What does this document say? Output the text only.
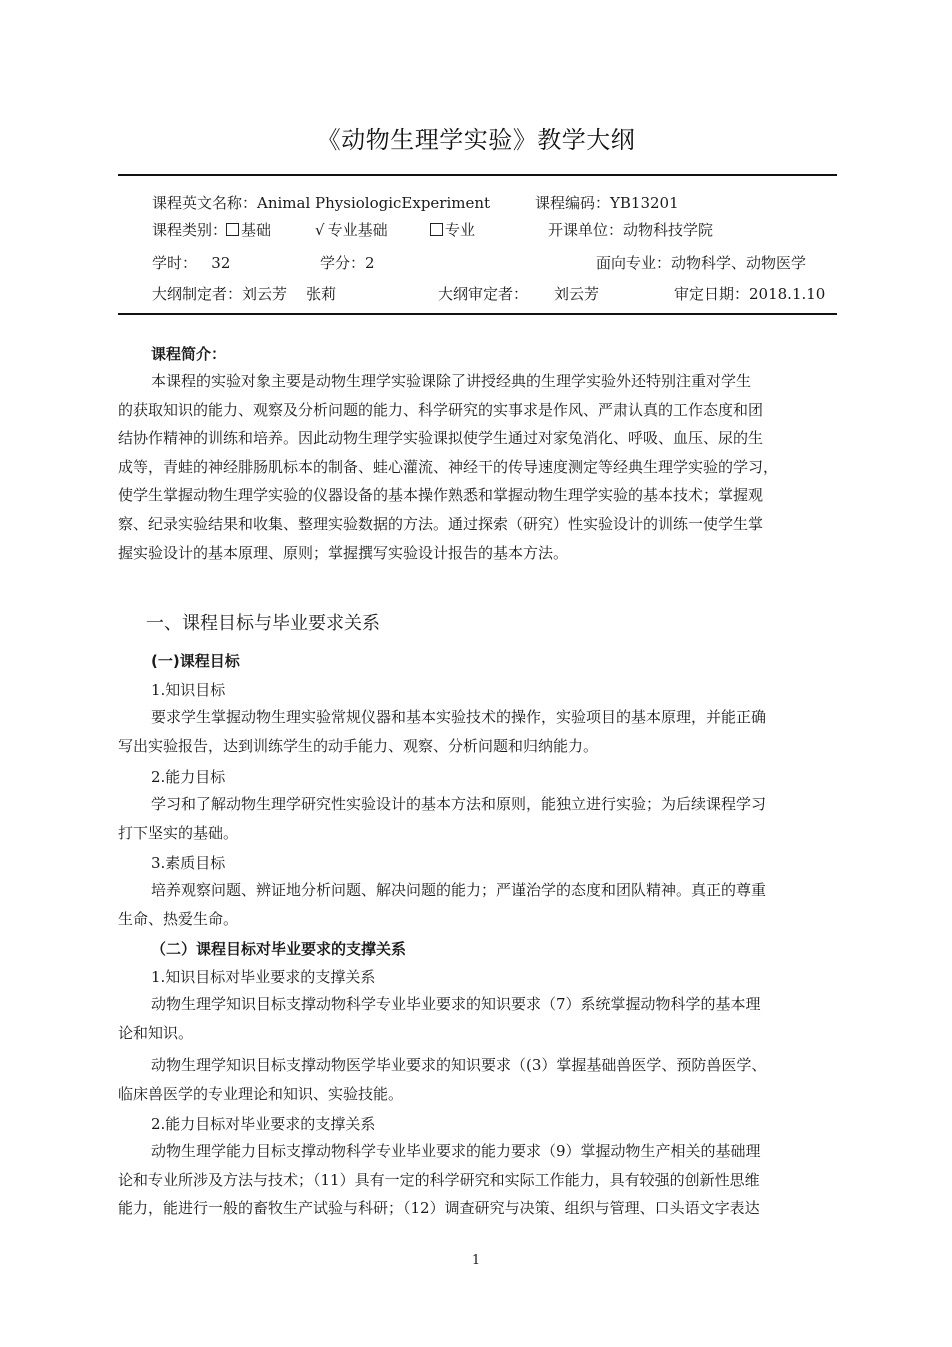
《动物生理学实验》教学大纲
课程英文名称：Animal PhysiologicExperiment	课程编码：YB13201
课程类别： 基础
√	专业基础	专业	开课单位：动物科技学院
学时：   32	学分：2	面向专业：动物科学、动物医学
大纲制定者：刘云芳    张莉	大纲审定者： 刘云芳	审定日期：2018.1.10
课程简介：
本课程的实验对象主要是动物生理学实验课除了讲授经典的生理学实验外还特别注重对学生
的获取知识的能力、观察及分析问题的能力、科学研究的实事求是作风、严肃认真的工作态度和团
结协作精神的训练和培养。因此动物生理学实验课拟使学生通过对家兔消化、呼吸、血压、尿的生
成等，青蛙的神经腓肠肌标本的制备、蛙心灌流、神经干的传导速度测定等经典生理学实验的学习，
使学生掌握动物生理学实验的仪器设备的基本操作熟悉和掌握动物生理学实验的基本技术；掌握观
察、纪录实验结果和收集、整理实验数据的方法。通过探索（研究）性实验设计的训练一使学生掌
握实验设计的基本原理、原则；掌握撰写实验设计报告的基本方法。
一、课程目标与毕业要求关系
(一)课程目标
1.知识目标
要求学生掌握动物生理实验常规仪器和基本实验技术的操作，实验项目的基本原理，并能正确
写出实验报告，达到训练学生的动手能力、观察、分析问题和归纳能力。
2.能力目标
学习和了解动物生理学研究性实验设计的基本方法和原则，能独立进行实验；为后续课程学习
打下坚实的基础。
3.素质目标
培养观察问题、辨证地分析问题、解决问题的能力；严谨治学的态度和团队精神。真正的尊重
生命、热爱生命。
（二）课程目标对毕业要求的支撑关系
1.知识目标对毕业要求的支撑关系
动物生理学知识目标支撑动物科学专业毕业要求的知识要求（7）系统掌握动物科学的基本理
论和知识。
动物生理学知识目标支撑动物医学毕业要求的知识要求（(3）掌握基础兽医学、预防兽医学、
临床兽医学的专业理论和知识、实验技能。
2.能力目标对毕业要求的支撑关系
动物生理学能力目标支撑动物科学专业毕业要求的能力要求（9）掌握动物生产相关的基础理
论和专业所涉及方法与技术；（11）具有一定的科学研究和实际工作能力，具有较强的创新性思维
能力，能进行一般的畜牧生产试验与科研；（12）调查研究与决策、组织与管理、口头语文字表达
1
